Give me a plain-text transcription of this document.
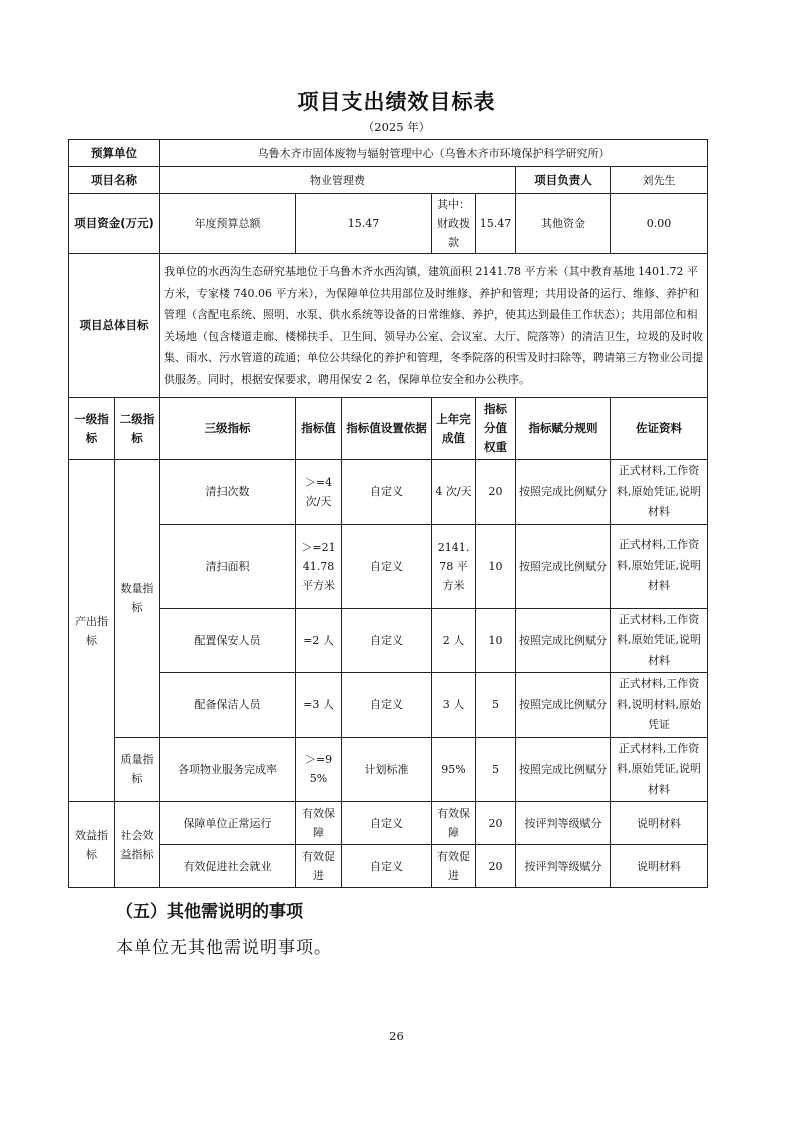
项目支出绩效目标表
（2025 年）
预算单位		乌鲁木齐市固体废物与辐射管理中心（乌鲁木齐市环境保护科学研究所）						
项目名称		物业管理费					项目负责人	刘先生
项目资金(万元)		年度预算总额	15.47		其中：财政拨款	15.47	其他资金	0.00
项目总体目标		我单位的水西沟生态研究基地位于乌鲁木齐水西沟镇，建筑面积 2141.78 平方米（其中教育基地 1401.72 平方米，专家楼 740.06 平方米），为保障单位共用部位及时维修、养护和管理；共用设备的运行、维修、养护和管理（含配电系统、照明、水泵、供水系统等设备的日常维修、养护，使其达到最佳工作状态）；共用部位和相关场地（包含楼道走廊、楼梯扶手、卫生间、领导办公室、会议室、大厅、院落等）的清洁卫生，垃圾的及时收集、雨水、污水管道的疏通；单位公共绿化的养护和管理，冬季院落的积雪及时扫除等，聘请第三方物业公司提供服务。同时，根据安保要求，聘用保安 2 名，保障单位安全和办公秩序。						
一级指标	二级指标	三级指标	指标值	指标值设置依据	上年完成值	指标分值权重	指标赋分规则	佐证资料
产出指标	数量指标	清扫次数	＞=4次/天	自定义	4 次/天	20	按照完成比例赋分	正式材料,工作资料,原始凭证,说明材料
		清扫面积	＞=2141.78 平方米	自定义	2141.78 平方米	10	按照完成比例赋分	正式材料,工作资料,原始凭证,说明材料
		配置保安人员	=2 人	自定义	2 人	10	按照完成比例赋分	正式材料,工作资料,原始凭证,说明材料
		配备保洁人员	=3 人	自定义	3 人	5	按照完成比例赋分	正式材料,工作资料,说明材料,原始凭证
	质量指标	各项物业服务完成率	＞=95%	计划标准	95%	5	按照完成比例赋分	正式材料,工作资料,原始凭证,说明材料
效益指标	社会效益指标	保障单位正常运行	有效保障	自定义	有效保障	20	按评判等级赋分	说明材料
		有效促进社会就业	有效促进	自定义	有效促进	20	按评判等级赋分	说明材料
（五）其他需说明的事项
本单位无其他需说明事项。
26
